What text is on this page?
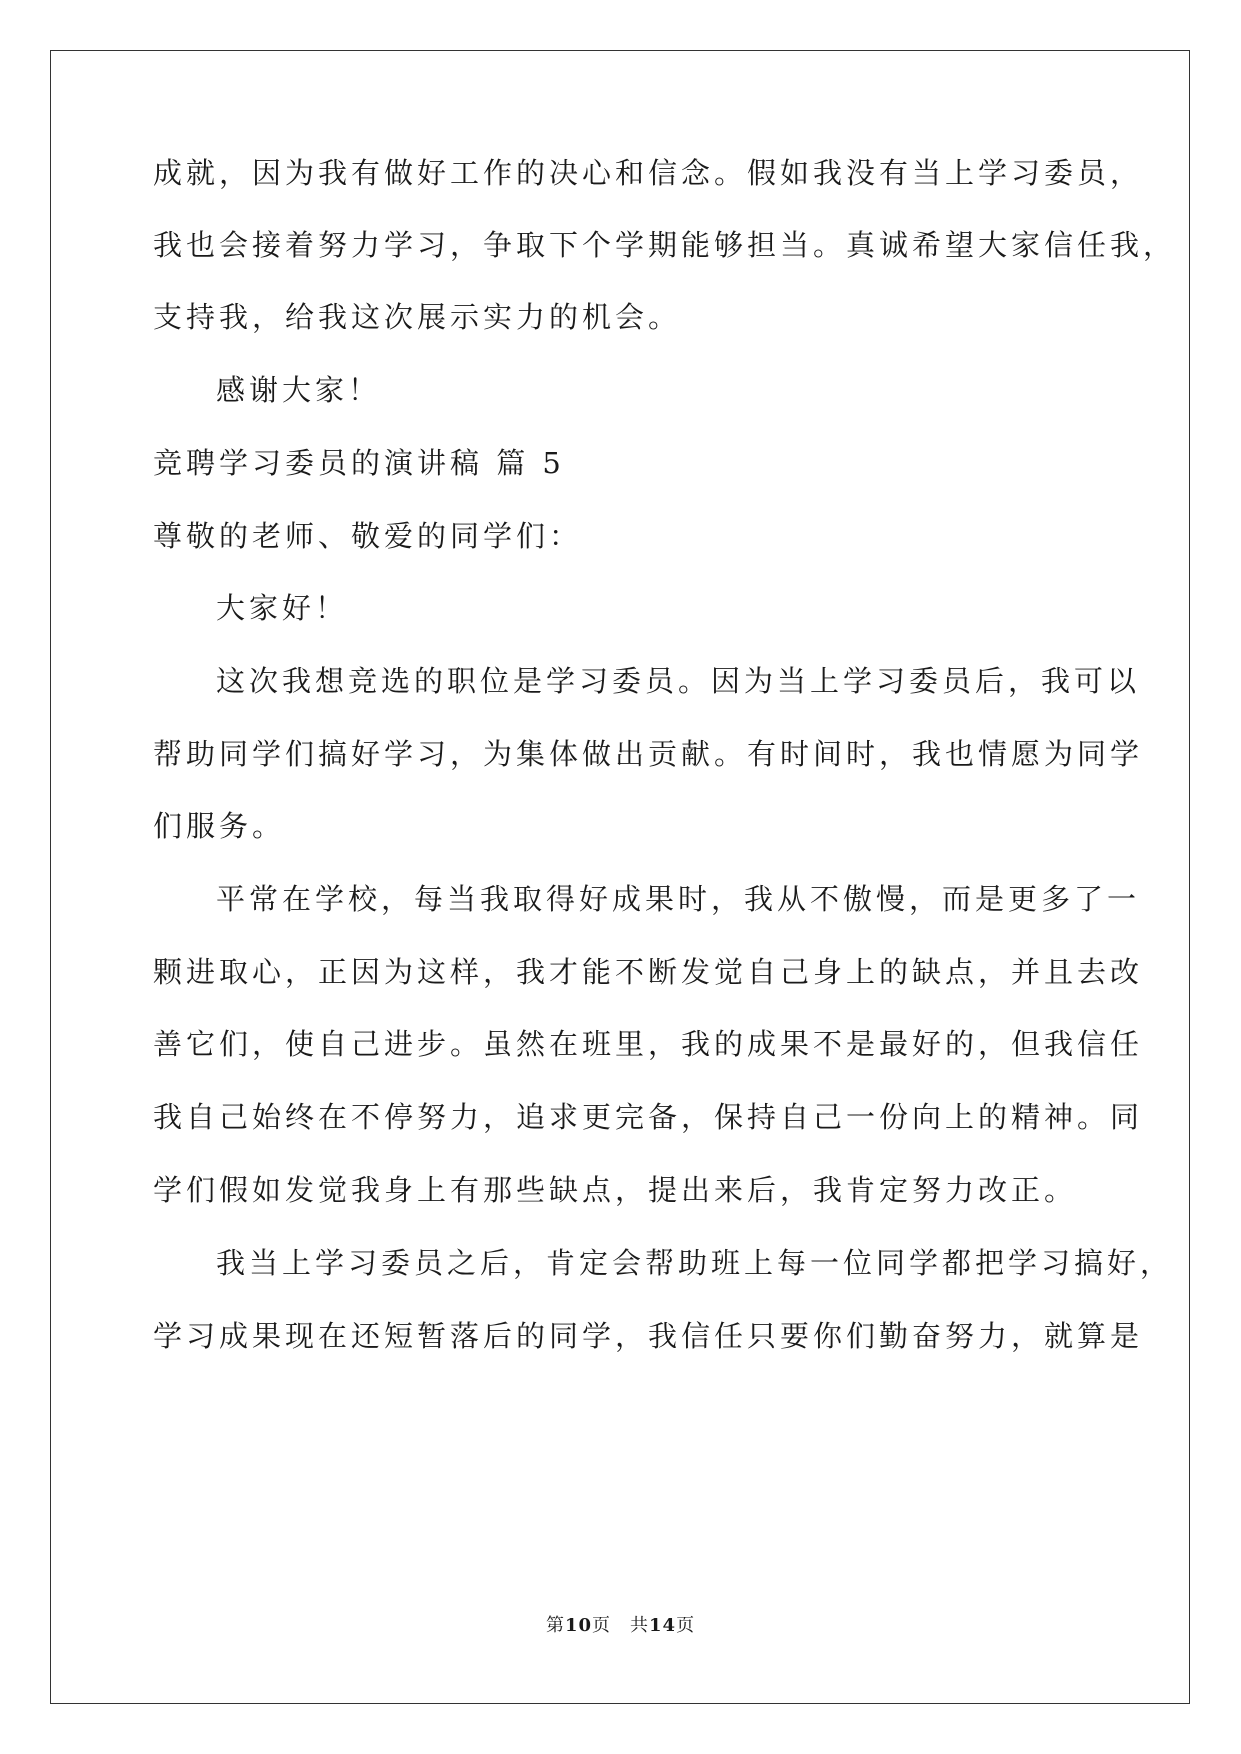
成就，因为我有做好工作的决心和信念。假如我没有当上学习委员，
我也会接着努力学习，争取下个学期能够担当。真诚希望大家信任我，
支持我，给我这次展示实力的机会。
感谢大家！
竞聘学习委员的演讲稿 篇 5
尊敬的老师、敬爱的同学们：
大家好！
这次我想竞选的职位是学习委员。因为当上学习委员后，我可以
帮助同学们搞好学习，为集体做出贡献。有时间时，我也情愿为同学
们服务。
平常在学校，每当我取得好成果时，我从不傲慢，而是更多了一
颗进取心，正因为这样，我才能不断发觉自己身上的缺点，并且去改
善它们，使自己进步。虽然在班里，我的成果不是最好的，但我信任
我自己始终在不停努力，追求更完备，保持自己一份向上的精神。同
学们假如发觉我身上有那些缺点，提出来后，我肯定努力改正。
我当上学习委员之后，肯定会帮助班上每一位同学都把学习搞好，
学习成果现在还短暂落后的同学，我信任只要你们勤奋努力，就算是
第10页　共14页
